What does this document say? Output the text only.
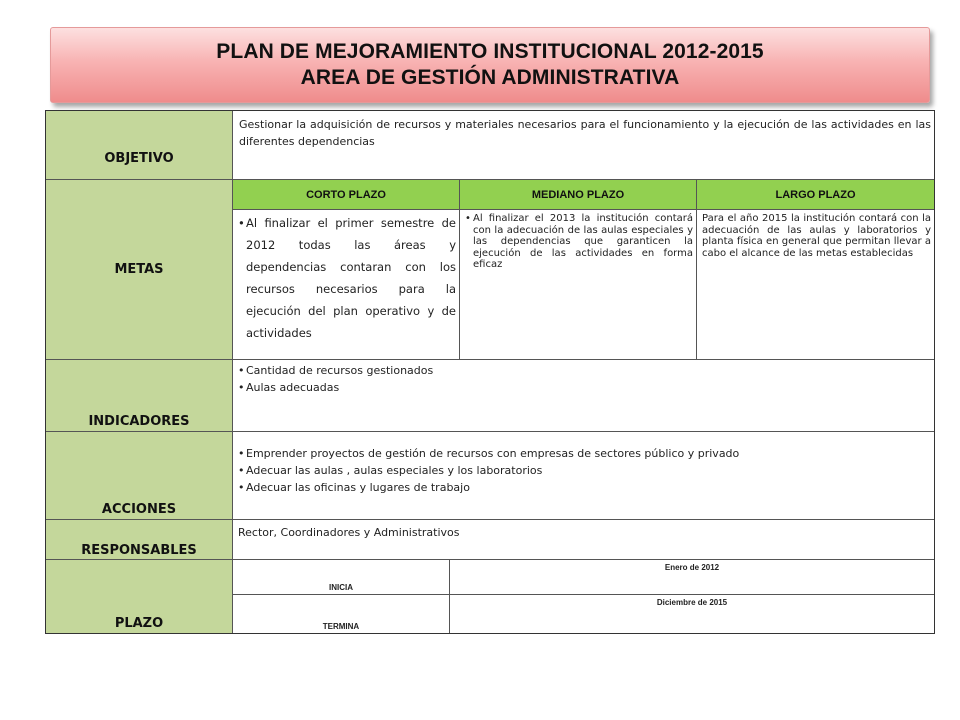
PLAN DE MEJORAMIENTO INSTITUCIONAL 2012-2015
AREA DE GESTIÓN ADMINISTRATIVA
OBJETIVO
Gestionar la adquisición de recursos y materiales necesarios para el funcionamiento y la ejecución de las actividades en las diferentes dependencias
METAS
CORTO PLAZO	MEDIANO PLAZO	LARGO PLAZO
• Al finalizar el primer semestre de 2012 todas las áreas y dependencias contaran con los recursos necesarios para la ejecución del plan operativo y de actividades
• Al finalizar el 2013 la institución contará con la adecuación de las aulas especiales y las dependencias que garanticen la ejecución de las actividades en forma eficaz
Para el año 2015 la institución contará con la adecuación de las aulas y laboratorios y planta física en general que permitan llevar a cabo el alcance de las metas establecidas
INDICADORES
• Cantidad de recursos gestionados
• Aulas adecuadas
ACCIONES
• Emprender proyectos de gestión de recursos con empresas de sectores público y privado
• Adecuar las aulas , aulas especiales y los laboratorios
• Adecuar las oficinas y lugares de trabajo
RESPONSABLES
Rector, Coordinadores y Administrativos
PLAZO
INICIA
Enero de 2012
TERMINA
Diciembre de 2015
